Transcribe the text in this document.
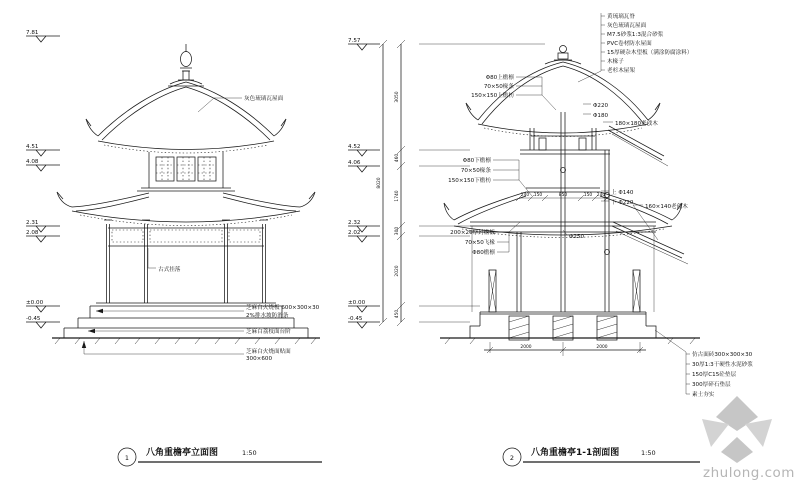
7.81
4.51
4.08
2.31
2.08
±0.00
-0.45
灰色琉璃瓦屋面
古式挂落
芝麻白火烧板 600×300×30
2%排水坡防滑条
芝麻白荔枝面台阶
芝麻白火烧面贴面
300×600
1 八角重檐亭立面图	1:50
3050
460
1740
300
2020
450
8020
7.57
4.52
4.06
2.32
2.02
±0.00
-0.45
黄琉璃瓦脊
灰色琉璃瓦屋面
M7.5砂浆1:3混合砂浆
PVC卷材防水屋面
15厚硬杂木望板（满涂防腐涂料）
木椽子
老杉木屋架
Φ80上檐檩
70×50椽条
150×150上檐枋
Φ220
Φ180
180×180老戗木
Φ80下檐檩
70×50椽条
150×150下檐枋
上 Φ140
下 Φ220
160×140老戗木
Φ250
200×20厚封檐板
70×50飞椽
Φ80檐檩
240 150	850	150 240
仿古面砖300×300×30
30厚1:3干硬性水泥砂浆
150厚C15砼垫层
300厚碎石垫层
素土夯实
2000	2000
2 八角重檐亭1-1剖面图	1:50
zhulong.com
